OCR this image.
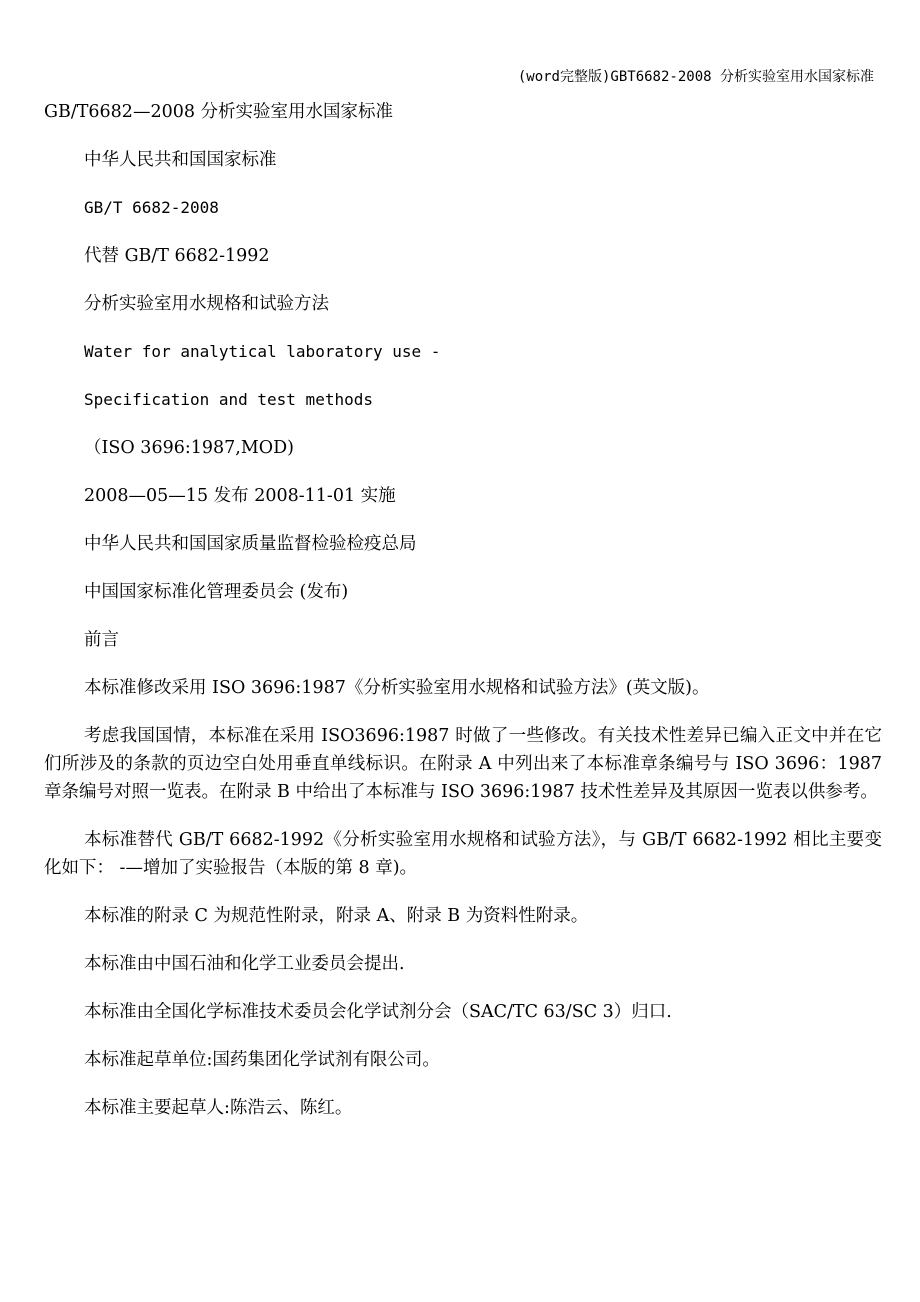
(word完整版)GBT6682-2008 分析实验室用水国家标准
GB/T6682—2008 分析实验室用水国家标准
中华人民共和国国家标准
GB/T 6682-2008
代替 GB/T 6682-1992
分析实验室用水规格和试验方法
Water for analytical laboratory use -
Specification and test methods
（ISO 3696:1987,MOD)
2008—05—15 发布 2008-11-01 实施
中华人民共和国国家质量监督检验检疫总局
中国国家标准化管理委员会 (发布)
前言
本标准修改采用 ISO 3696:1987《分析实验室用水规格和试验方法》(英文版)。
考虑我国国情，本标准在采用 ISO3696:1987 时做了一些修改。有关技术性差异已编入正文中并在它们所涉及的条款的页边空白处用垂直单线标识。在附录 A 中列出来了本标准章条编号与 ISO 3696：1987 章条编号对照一览表。在附录 B 中给出了本标准与 ISO 3696:1987 技术性差异及其原因一览表以供参考。
本标准替代 GB/T 6682-1992《分析实验室用水规格和试验方法》，与 GB/T 6682-1992 相比主要变化如下： -—增加了实验报告（本版的第 8 章)。
本标准的附录 C 为规范性附录，附录 A、附录 B 为资料性附录。
本标准由中国石油和化学工业委员会提出.
本标准由全国化学标准技术委员会化学试剂分会（SAC/TC 63/SC 3）归口.
本标准起草单位:国药集团化学试剂有限公司。
本标准主要起草人:陈浩云、陈红。
